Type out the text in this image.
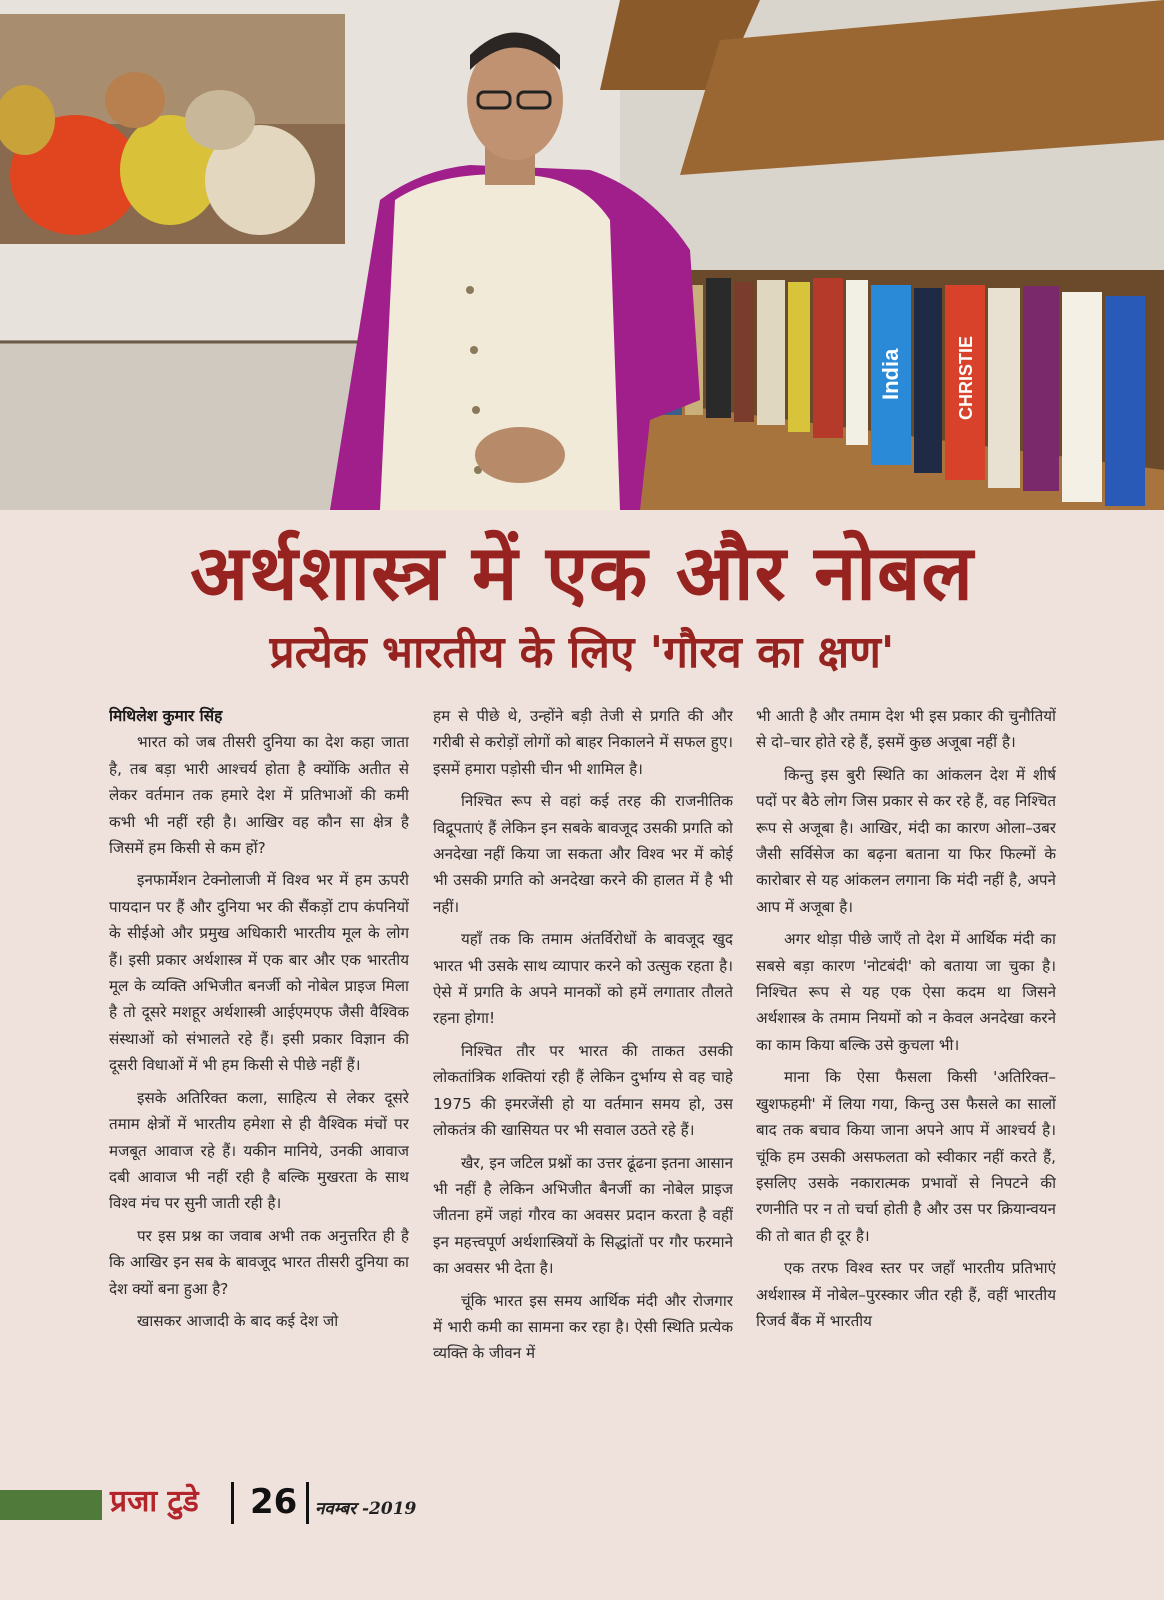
India	CHRISTIE
अर्थशास्त्र में एक और नोबल
प्रत्येक भारतीय के लिए 'गौरव का क्षण'

मिथिलेश कुमार सिंह

भारत को जब तीसरी दुनिया का देश कहा जाता है, तब बड़ा भारी आश्चर्य होता है क्योंकि अतीत से लेकर वर्तमान तक हमारे देश में प्रतिभाओं की कमी कभी भी नहीं रही है। आखिर वह कौन सा क्षेत्र है जिसमें हम किसी से कम हों?

इनफार्मेशन टेक्नोलाजी में विश्व भर में हम ऊपरी पायदान पर हैं और दुनिया भर की सैंकड़ों टाप कंपनियों के सीईओ और प्रमुख अधिकारी भारतीय मूल के लोग हैं। इसी प्रकार अर्थशास्त्र में एक बार और एक भारतीय मूल के व्यक्ति अभिजीत बनर्जी को नोबेल प्राइज मिला है तो दूसरे मशहूर अर्थशास्त्री आईएमएफ जैसी वैश्विक संस्थाओं को संभालते रहे हैं। इसी प्रकार विज्ञान की दूसरी विधाओं में भी हम किसी से पीछे नहीं हैं।

इसके अतिरिक्त कला, साहित्य से लेकर दूसरे तमाम क्षेत्रों में भारतीय हमेशा से ही वैश्विक मंचों पर मजबूत आवाज रहे हैं। यकीन मानिये, उनकी आवाज दबी आवाज भी नहीं रही है बल्कि मुखरता के साथ विश्व मंच पर सुनी जाती रही है।

पर इस प्रश्न का जवाब अभी तक अनुत्तरित ही है कि आखिर इन सब के बावजूद भारत तीसरी दुनिया का देश क्यों बना हुआ है?

खासकर आजादी के बाद कई देश जो

हम से पीछे थे, उन्होंने बड़ी तेजी से प्रगति की और गरीबी से करोड़ों लोगों को बाहर निकालने में सफल हुए। इसमें हमारा पड़ोसी चीन भी शामिल है।

निश्चित रूप से वहां कई तरह की राजनीतिक विद्रूपताएं हैं लेकिन इन सबके बावजूद उसकी प्रगति को अनदेखा नहीं किया जा सकता और विश्व भर में कोई भी उसकी प्रगति को अनदेखा करने की हालत में है भी नहीं।

यहाँ तक कि तमाम अंतर्विरोधों के बावजूद खुद भारत भी उसके साथ व्यापार करने को उत्सुक रहता है। ऐसे में प्रगति के अपने मानकों को हमें लगातार तौलते रहना होगा!

निश्चित तौर पर भारत की ताकत उसकी लोकतांत्रिक शक्तियां रही हैं लेकिन दुर्भाग्य से वह चाहे 1975 की इमरजेंसी हो या वर्तमान समय हो, उस लोकतंत्र की खासियत पर भी सवाल उठते रहे हैं।

खैर, इन जटिल प्रश्नों का उत्तर ढूंढना इतना आसान भी नहीं है लेकिन अभिजीत बैनर्जी का नोबेल प्राइज जीतना हमें जहां गौरव का अवसर प्रदान करता है वहीं इन महत्त्वपूर्ण अर्थशास्त्रियों के सिद्धांतों पर गौर फरमाने का अवसर भी देता है।

चूंकि भारत इस समय आर्थिक मंदी और रोजगार में भारी कमी का सामना कर रहा है। ऐसी स्थिति प्रत्येक व्यक्ति के जीवन में

भी आती है और तमाम देश भी इस प्रकार की चुनौतियों से दो–चार होते रहे हैं, इसमें कुछ अजूबा नहीं है।

किन्तु इस बुरी स्थिति का आंकलन देश में शीर्ष पदों पर बैठे लोग जिस प्रकार से कर रहे हैं, वह निश्चित रूप से अजूबा है। आखिर, मंदी का कारण ओला–उबर जैसी सर्विसेज का बढ़ना बताना या फिर फिल्मों के कारोबार से यह आंकलन लगाना कि मंदी नहीं है, अपने आप में अजूबा है।

अगर थोड़ा पीछे जाएँ तो देश में आर्थिक मंदी का सबसे बड़ा कारण 'नोटबंदी' को बताया जा चुका है। निश्चित रूप से यह एक ऐसा कदम था जिसने अर्थशास्त्र के तमाम नियमों को न केवल अनदेखा करने का काम किया बल्कि उसे कुचला भी।

माना कि ऐसा फैसला किसी 'अतिरिक्त–खुशफहमी' में लिया गया, किन्तु उस फैसले का सालों बाद तक बचाव किया जाना अपने आप में आश्चर्य है। चूंकि हम उसकी असफलता को स्वीकार नहीं करते हैं, इसलिए उसके नकारात्मक प्रभावों से निपटने की रणनीति पर न तो चर्चा होती है और उस पर क्रियान्वयन की तो बात ही दूर है।

एक तरफ विश्व स्तर पर जहाँ भारतीय प्रतिभाएं अर्थशास्त्र में नोबेल–पुरस्कार जीत रही हैं, वहीं भारतीय रिजर्व बैंक में भारतीय

प्रजा टुडे 26 नवम्बर -2019
